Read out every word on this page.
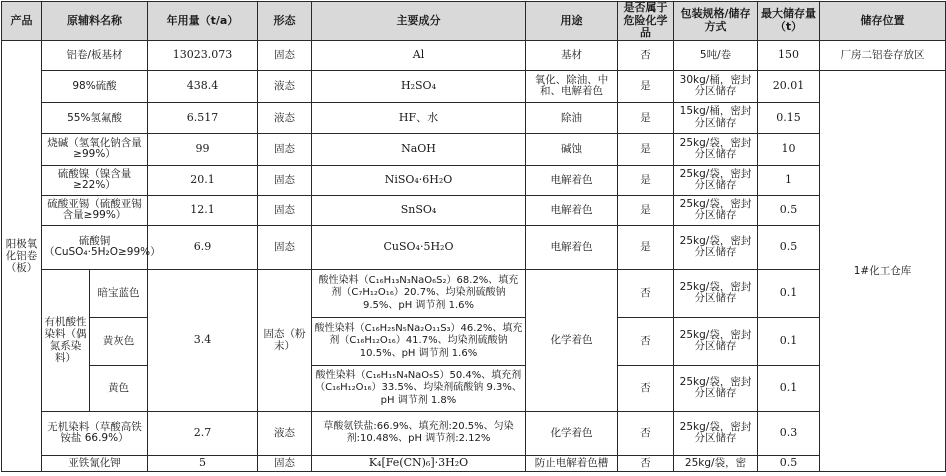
产品	原辅料名称		年用量（t/a）	形态	主要成分	用途	是否属于危险化学品	包装规格/储存方式	最大储存量（t）	储存位置
阳极氧化铝卷（板）	铝卷/板基材		13023.073	固态	Al	基材	否	5吨/卷	150	厂房二铝卷存放区
	98%硫酸		438.4	液态	H₂SO₄	氧化、除油、中和、电解着色	是	30kg/桶，密封分区储存	20.01	1#化工仓库
	55%氢氟酸		6.517	液态	HF、水	除油	是	15kg/桶，密封分区储存	0.15	
	烧碱（氢氧化钠含量≥99%）		99	固态	NaOH	碱蚀	是	25kg/袋，密封分区储存	10	
	硫酸镍（镍含量≥22%）		20.1	固态	NiSO₄·6H₂O	电解着色	是	25kg/袋，密封分区储存	1	
	硫酸亚锡（硫酸亚锡含量≥99%）		12.1	固态	SnSO₄	电解着色	是	25kg/袋，密封分区储存	0.5	
	硫酸铜（CuSO₄·5H₂O≥99%）		6.9	固态	CuSO₄·5H₂O	电解着色	是	25kg/袋，密封分区储存	0.5	
	有机酸性染料（偶氮系染料）	暗宝蓝色	3.4	固态（粉末）	酸性染料（C₁₆H₁₃N₃NaO₆S₂）68.2%、填充剂（C₇H₁₂O₁₆）20.7%、均染剂硫酸钠 9.5%、pH 调节剂 1.6%	化学着色	否	25kg/袋，密封分区储存	0.1	
		黄灰色			酸性染料（C₁₆H₂₅N₅Na₂O₁₁S₃）46.2%、填充剂（C₁₆H₁₂O₁₆）41.7%、均染剂硫酸钠 10.5%、pH 调节剂 1.6%		否	25kg/袋，密封分区储存	0.1	
		黄色			酸性染料（C₁₆H₁₅N₄NaO₅S）50.4%、填充剂（C₁₆H₁₂O₁₆）33.5%、均染剂硫酸钠 9.3%、pH 调节剂 1.8%		否	25kg/袋，密封分区储存	0.1	
	无机染料（草酸高铁铵盐 66.9%）		2.7	液态	草酸氨铁盐:66.9%、填充剂:20.5%、匀染剂:10.48%、pH 调节剂:2.12%	化学着色	否	25kg/袋，密封分区储存	0.3	
	亚铁氰化钾		5	固态	K₄[Fe(CN)₆]·3H₂O	防止电解着色槽	否	25kg/袋，密	0.5	
